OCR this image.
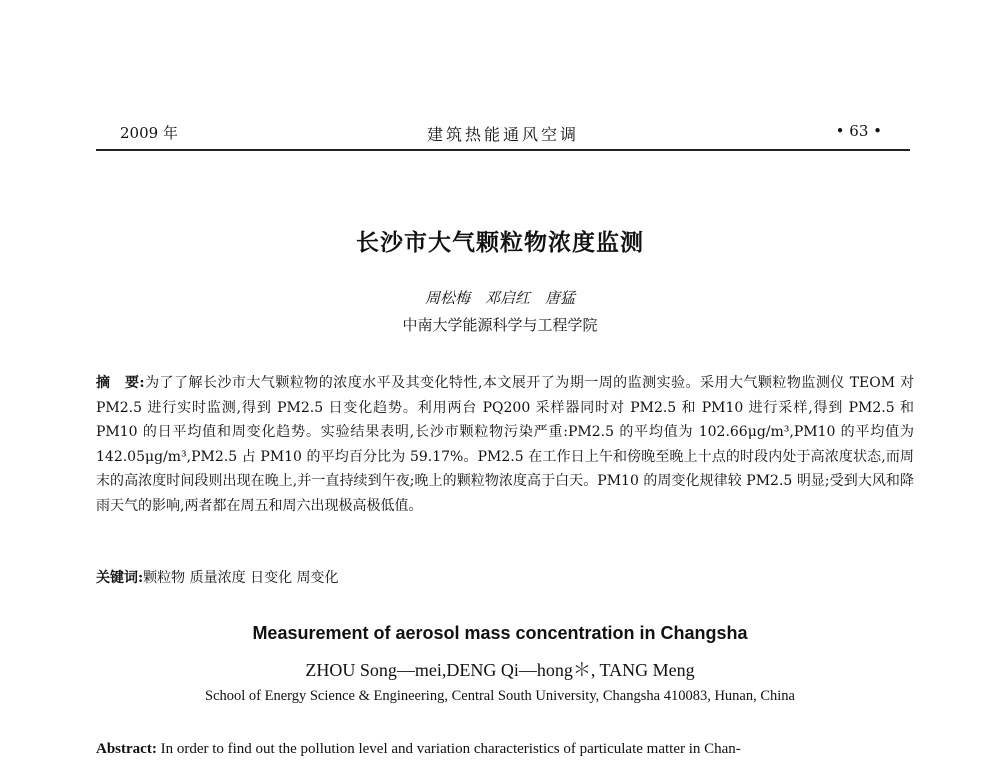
2009 年	建筑热能通风空调	• 63 •
长沙市大气颗粒物浓度监测
周松梅　邓启红　唐猛
中南大学能源科学与工程学院
摘　要:为了了解长沙市大气颗粒物的浓度水平及其变化特性,本文展开了为期一周的监测实验。采用大气颗粒物监测仪 TEOM 对 PM2.5 进行实时监测,得到 PM2.5 日变化趋势。利用两台 PQ200 采样器同时对 PM2.5 和 PM10 进行采样,得到 PM2.5 和 PM10 的日平均值和周变化趋势。实验结果表明,长沙市颗粒物污染严重:PM2.5 的平均值为 102.66μg/m³,PM10 的平均值为 142.05μg/m³,PM2.5 占 PM10 的平均百分比为 59.17%。PM2.5 在工作日上午和傍晚至晚上十点的时段内处于高浓度状态,而周末的高浓度时间段则出现在晚上,并一直持续到午夜;晚上的颗粒物浓度高于白天。PM10 的周变化规律较 PM2.5 明显;受到大风和降雨天气的影响,两者都在周五和周六出现极高极低值。
关键词:颗粒物 质量浓度 日变化 周变化
Measurement of aerosol mass concentration in Changsha
ZHOU Song—mei,DENG Qi—hong＊, TANG Meng
School of Energy Science & Engineering, Central South University, Changsha 410083, Hunan, China
Abstract: In order to find out the pollution level and variation characteristics of particulate matter in Chan-
